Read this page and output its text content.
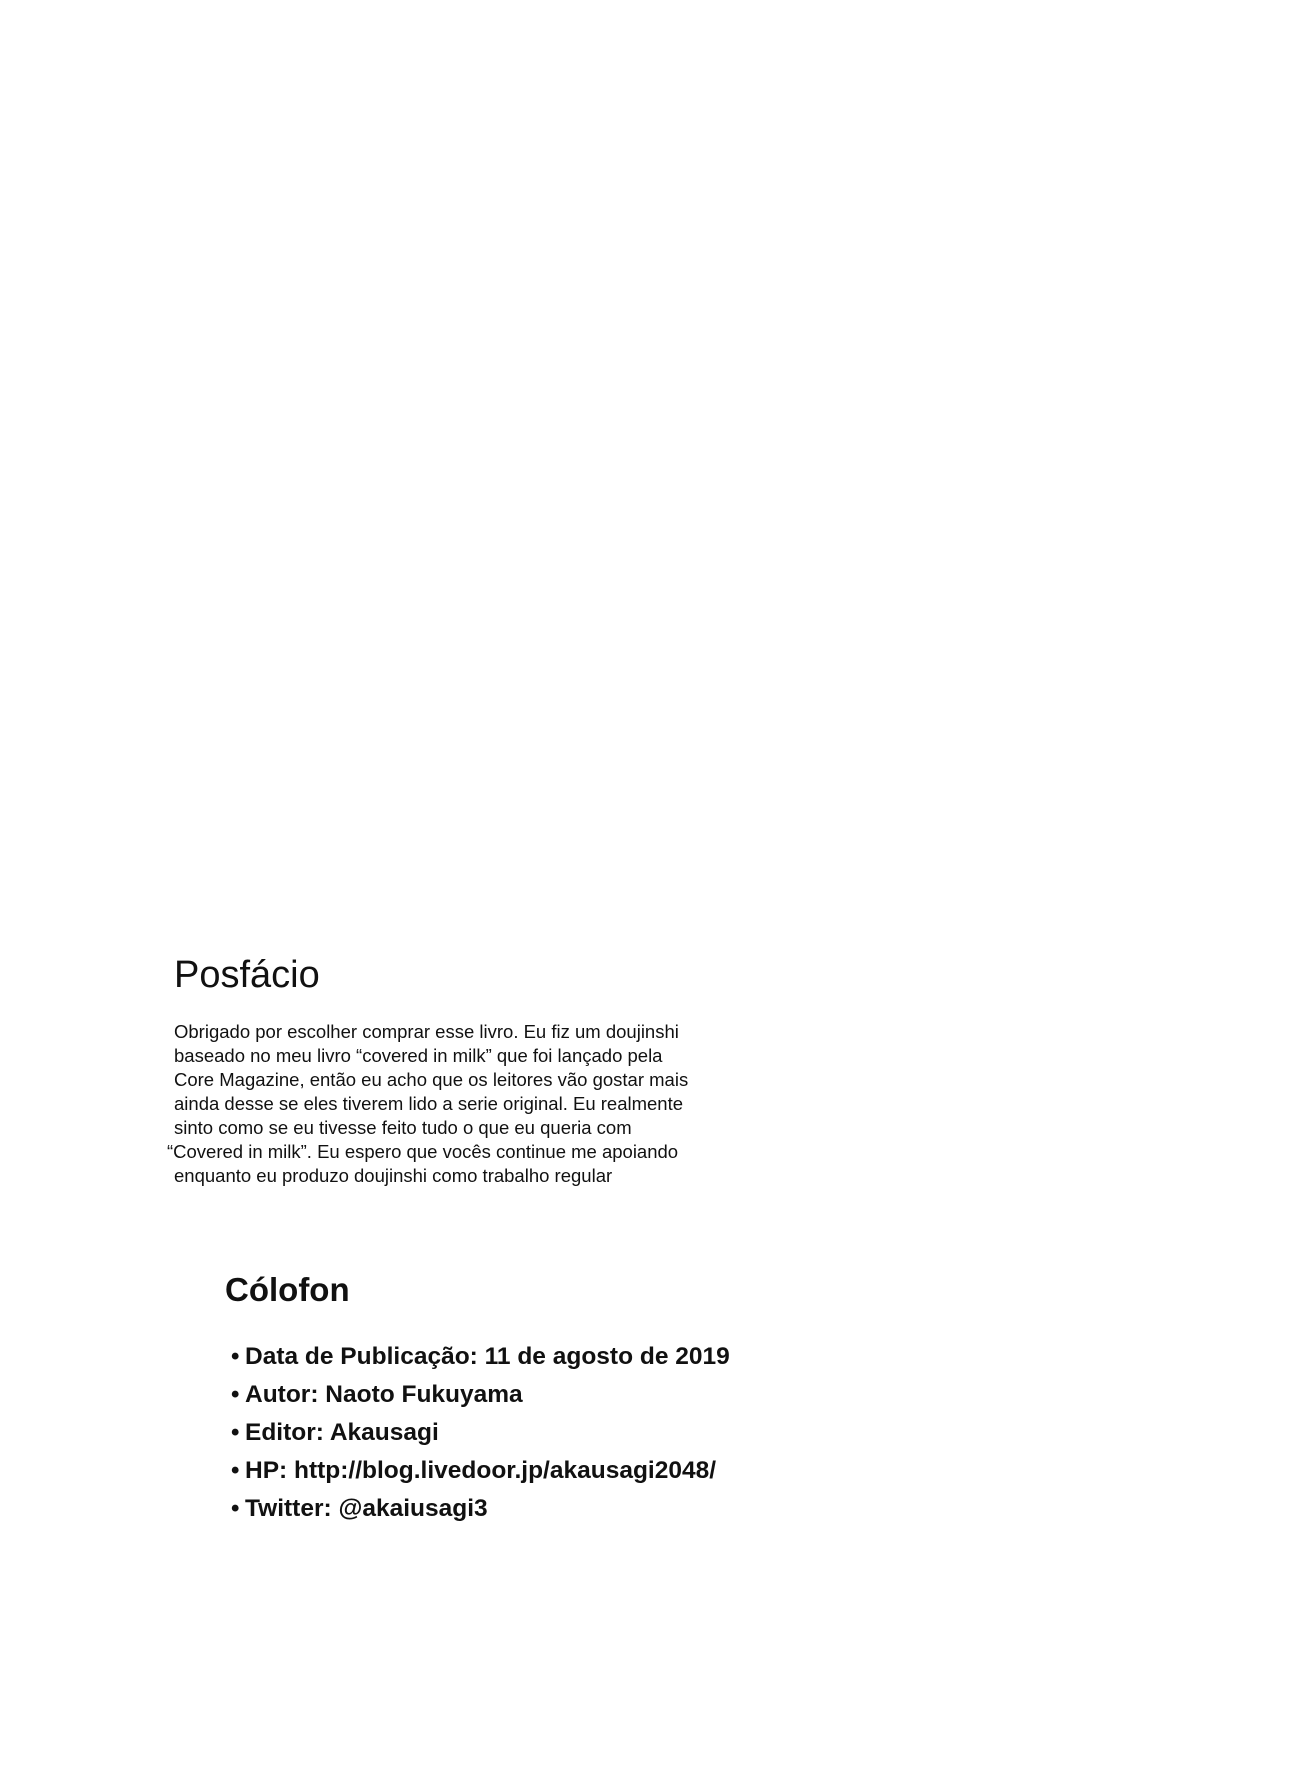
Posfácio
Obrigado por escolher comprar esse livro. Eu fiz um doujinshi
baseado no meu livro “covered in milk” que foi lançado pela
Core Magazine, então eu acho que os leitores vão gostar mais
ainda desse se eles tiverem lido a serie original. Eu realmente
sinto como se eu tivesse feito tudo o que eu queria com
“Covered in milk”. Eu espero que vocês continue me apoiando
enquanto eu produzo doujinshi como trabalho regular
Cólofon
• Data de Publicação: 11 de agosto de 2019
• Autor: Naoto Fukuyama
• Editor: Akausagi
• HP: http://blog.livedoor.jp/akausagi2048/
• Twitter: @akaiusagi3
